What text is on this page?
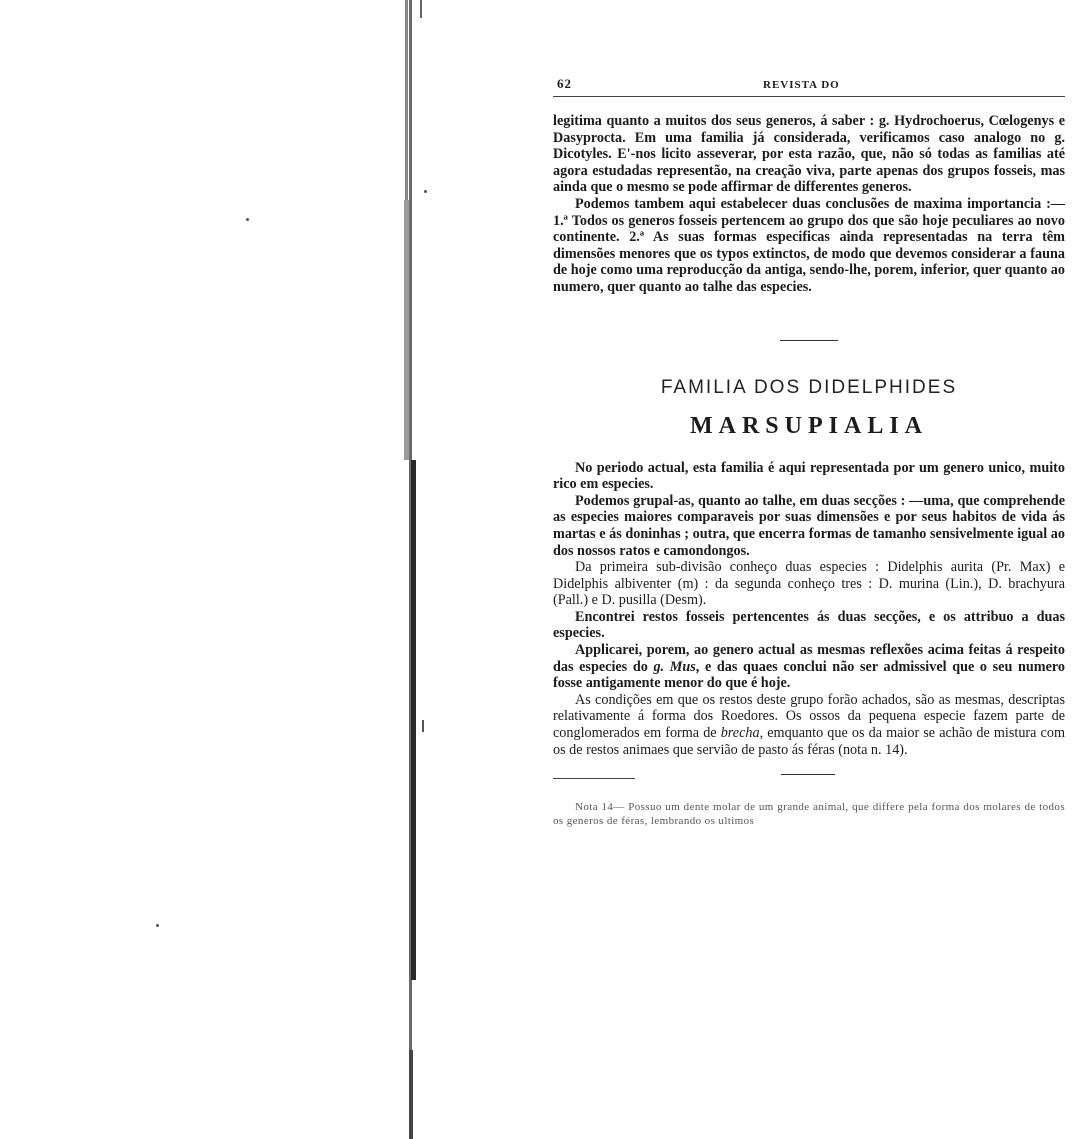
62	REVISTA DO

legitima quanto a muitos dos seus generos, á saber : g. Hydrochoerus, Cœlogenys e Dasyprocta. Em uma familia já considerada, verificamos caso analogo no g. Dicotyles. E'-nos licito asseverar, por esta razão, que, não só todas as familias até agora estudadas representão, na creação viva, parte apenas dos grupos fosseis, mas ainda que o mesmo se pode affirmar de differentes generos.

Podemos tambem aqui estabelecer duas conclusões de maxima importancia :—1.ª Todos os generos fosseis pertencem ao grupo dos que são hoje peculiares ao novo continente. 2.ª As suas formas especificas ainda representadas na terra têm dimensões menores que os typos extinctos, de modo que devemos considerar a fauna de hoje como uma reproducção da antiga, sendo-lhe, porem, inferior, quer quanto ao numero, quer quanto ao talhe das especies.

FAMILIA DOS DIDELPHIDES
MARSUPIALIA

No periodo actual, esta familia é aqui representada por um genero unico, muito rico em especies.

Podemos grupal-as, quanto ao talhe, em duas secções : —uma, que comprehende as especies maiores comparaveis por suas dimensões e por seus habitos de vida ás martas e ás doninhas ; outra, que encerra formas de tamanho sensivelmente igual ao dos nossos ratos e camondongos.

Da primeira sub-divisão conheço duas especies : Didelphis aurita (Pr. Max) e Didelphis albiventer (m) : da segunda conheço tres : D. murina (Lin.), D. brachyura (Pall.) e D. pusilla (Desm).

Encontrei restos fosseis pertencentes ás duas secções, e os attribuo a duas especies.

Applicarei, porem, ao genero actual as mesmas reflexões acima feitas á respeito das especies do g. Mus, e das quaes conclui não ser admissivel que o seu numero fosse antigamente menor do que é hoje.

As condições em que os restos deste grupo forão achados, são as mesmas, descriptas relativamente á forma dos Roedores. Os ossos da pequena especie fazem parte de conglomerados em forma de brecha, emquanto que os da maior se achão de mistura com os de restos animaes que servião de pasto ás féras (nota n. 14).

Nota 14— Possuo um dente molar de um grande animal, que differe pela forma dos molares de todos os generos de féras, lembrando os ultimos
